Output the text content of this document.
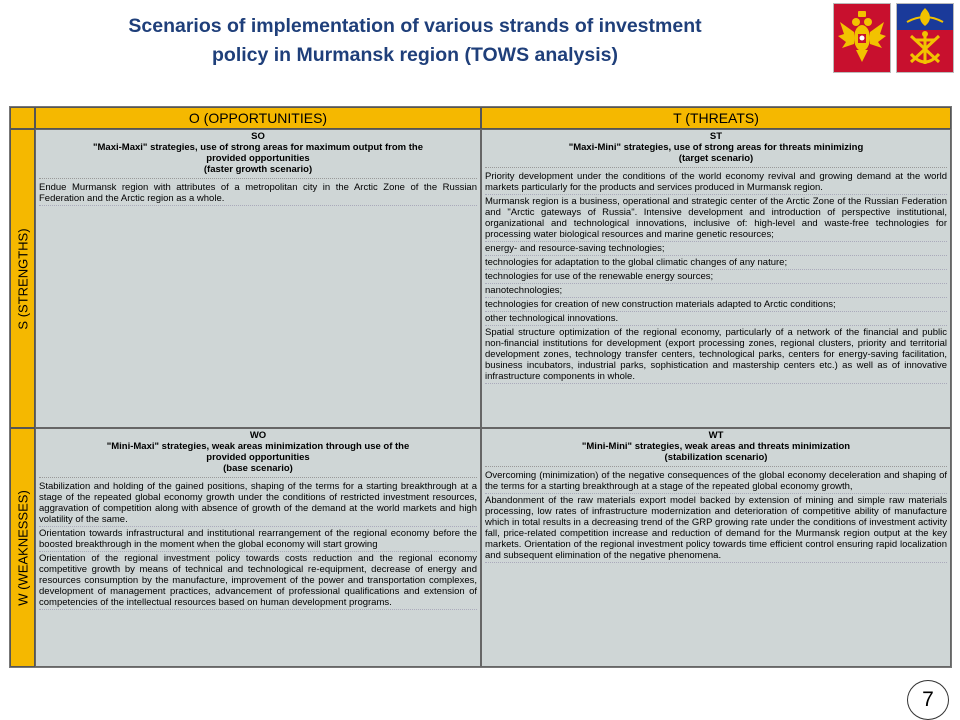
Scenarios of implementation of various strands of investment
policy in Murmansk region (TOWS analysis)
O (OPPORTUNITIES)	T (THREATS)
S (STRENGTHS)
W (WEAKNESSES)
SO
"Maxi-Maxi" strategies, use of strong areas for maximum output from the
provided opportunities
(faster growth scenario)

Endue Murmansk region with attributes of a metropolitan city in the Arctic Zone of the Russian Federation and the Arctic region as a whole.

ST
"Maxi-Mini" strategies, use of strong areas for threats minimizing
(target scenario)

Priority development under the conditions of the world economy revival and growing demand at the world markets particularly for the products and services produced in Murmansk region.

Murmansk region is a business, operational and strategic center of the Arctic Zone of the Russian Federation and "Arctic gateways of Russia". Intensive development and introduction of perspective institutional, organizational and technological innovations, inclusive of: high-level and waste-free technologies for processing water biological resources and marine genetic resources;

energy- and resource-saving technologies;

technologies for adaptation to the global climatic changes of any nature;

technologies for use of the renewable energy sources;

nanotechnologies;

technologies for creation of new construction materials adapted to Arctic conditions;

other technological innovations.

Spatial structure optimization of the regional economy, particularly of a network of the financial and public non-financial institutions for development (export processing zones, regional clusters, priority and territorial development zones, technology transfer centers, technological parks, centers for energy-saving facilitation, business incubators, industrial parks, sophistication and mastership centers etc.) as well as of innovative infrastructure components in whole.

WO
"Mini-Maxi" strategies, weak areas minimization through use of the
provided opportunities
(base scenario)

Stabilization and holding of the gained positions, shaping of the terms for a starting breakthrough at a stage of the repeated global economy growth under the conditions of restricted investment resources, aggravation of competition along with absence of growth of the demand at the world markets and high volatility of the same.

Orientation towards infrastructural and institutional rearrangement of the regional economy before the boosted breakthrough in the moment when the global economy will start growing

Orientation of the regional investment policy towards costs reduction and the regional economy competitive growth by means of technical and technological re-equipment, decrease of energy and resources consumption by the manufacture, improvement of the power and transportation complexes, development of management practices, advancement of professional qualifications and extension of competencies of the intellectual resources based on human development programs.

WT
"Mini-Mini" strategies, weak areas and threats minimization
(stabilization scenario)

Overcoming (minimization) of the negative consequences of the global economy deceleration and shaping of the terms for a starting breakthrough at a stage of the repeated global economy growth,

Abandonment of the raw materials export model backed by extension of mining and simple raw materials processing, low rates of infrastructure modernization and deterioration of competitive ability of manufacture which in total results in a decreasing trend of the GRP growing rate under the conditions of investment activity fall, price-related competition increase and reduction of demand for the Murmansk region output at the key markets. Orientation of the regional investment policy towards time efficient control ensuring rapid localization and subsequent elimination of the negative phenomena.

7
